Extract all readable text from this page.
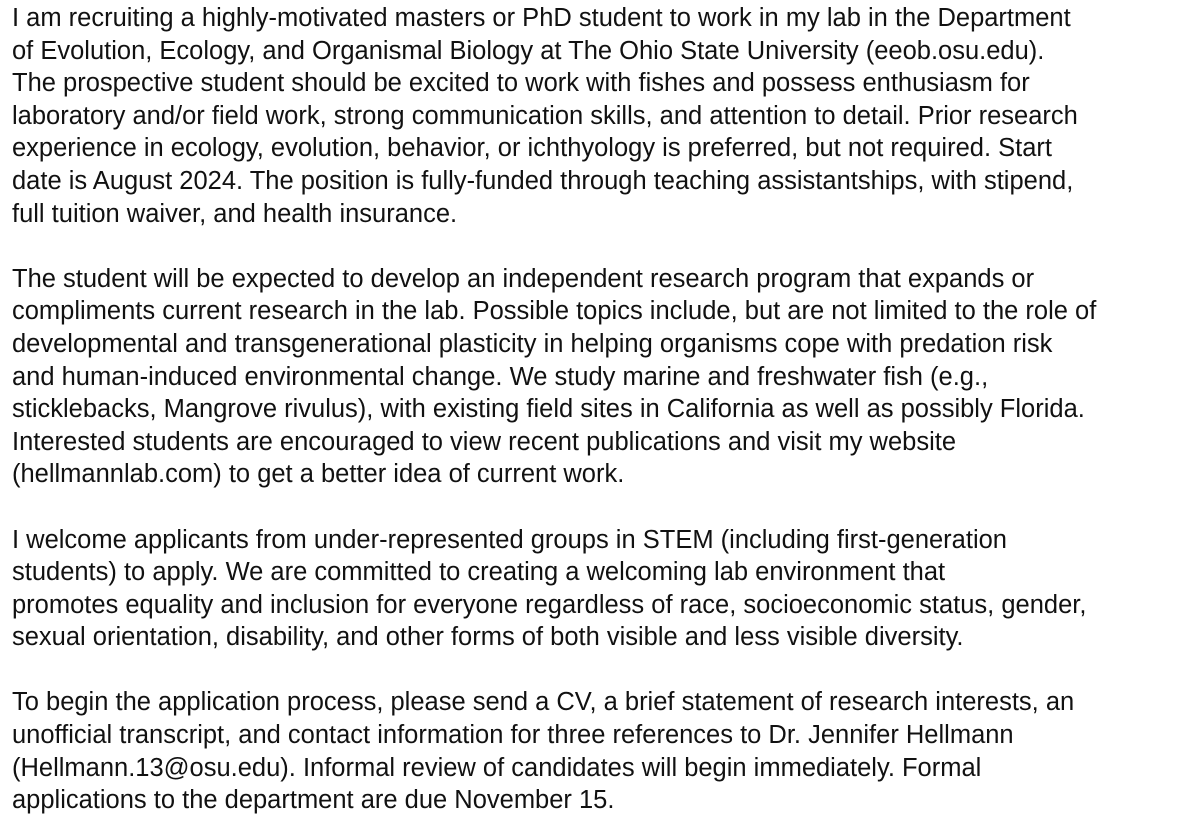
I am recruiting a highly-motivated masters or PhD student to work in my lab in the Department
of Evolution, Ecology, and Organismal Biology at The Ohio State University (eeob.osu.edu).
The prospective student should be excited to work with fishes and possess enthusiasm for
laboratory and/or field work, strong communication skills, and attention to detail. Prior research
experience in ecology, evolution, behavior, or ichthyology is preferred, but not required. Start
date is August 2024. The position is fully-funded through teaching assistantships, with stipend,
full tuition waiver, and health insurance.

The student will be expected to develop an independent research program that expands or
compliments current research in the lab. Possible topics include, but are not limited to the role of
developmental and transgenerational plasticity in helping organisms cope with predation risk
and human-induced environmental change. We study marine and freshwater fish (e.g.,
sticklebacks, Mangrove rivulus), with existing field sites in California as well as possibly Florida.
Interested students are encouraged to view recent publications and visit my website
(hellmannlab.com) to get a better idea of current work.

I welcome applicants from under-represented groups in STEM (including first-generation
students) to apply. We are committed to creating a welcoming lab environment that
promotes equality and inclusion for everyone regardless of race, socioeconomic status, gender,
sexual orientation, disability, and other forms of both visible and less visible diversity.

To begin the application process, please send a CV, a brief statement of research interests, an
unofficial transcript, and contact information for three references to Dr. Jennifer Hellmann
(Hellmann.13@osu.edu). Informal review of candidates will begin immediately. Formal
applications to the department are due November 15.
